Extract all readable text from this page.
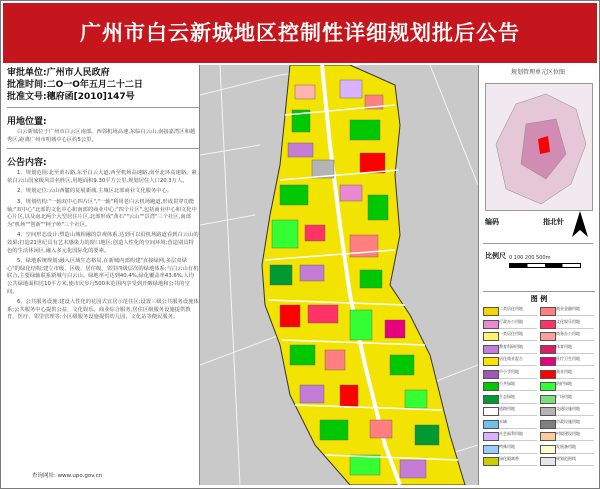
广州市白云新城地区控制性详细规划批后公告
审批单位:广州市人民政府
批准时间:二O一O年五月二十二日
批准文号:穗府函[2010]147号
用地位置:

白云新城位于广州市白云区南部。西邻机场高速,东临白云山,南接嘉湾区和越秀区,距离广州市明城中心区约5公里。

公告内容:

1、规划范围:北至黄石路,东至白云大道,西至机场高速路,南至北环高速路。紧依白云山国家级风景名胜区,用地面积9.30平方公里,规划居住人口20.3万人。

2、规划定位:云山西麓的复展新城,主城区北部商业文化服务中心。

3、规划结构:"一轴双中心四片区","一轴"利用老白云机场跑道,形成贯穿功能轴;"双中心"北部的文化中心和南部的商业中心;"四个片区",包括商业中心和文化中心片区,以及南北两个大型居住片区,北部形成"黄石""云山""景湾"三个社区,南部为"机场""创新""柯子岭"三个社区。

4、空间形态设计:塑造山城相融的景观体系,达到可以沿机场路道看到白云山的效果;打造21世纪具有艺术感染力的窗口地区;创造人性化的空间环境;营造别具特色的生活休闲区,融入多元化国际化的要素。

5、绿地系统规划:融入区域生态格局,在新城内部构建"直接绿网,多层双绿心"的绿化结构;建立市级、区级、居住级、邻里四级层次的绿地体系;与白云山有机联合,主要绿轴联系新城与白云山。绿地率可达到40.4%,绿化覆盖率43.6%,人均公共绿地面积达10平方米,使市民步行500米范围内享受到开敞绿地和公共的空间。

6、公共服务设施:建设人性化的花园式宜居示范住区;设置三级公共服务设施体系;公共服务中心提供公益、文化娱乐、商业综合服务,居住区级服务设施提供教育、医疗、邻里管理等;小区级服务设施提供幼儿园、文化站等便民服务。

查询网址: www.upo.gov.cn
规划管理单元区位图
编码	指北针
比例尺 0 100 200 500m
图 例
二类居住用地	商业金融用地
行政办公用地	文化娱乐用地
一类居住用地	商务办公用地
教育科研用地	体育用地
居住商业混合	医疗卫生用地
中小学用地	商业用地
公共绿地	防护绿地
生态绿地	广场用地
道路用地	交通设施用地
水域	市政设施用地
社会福利用地	村镇建设用地
特殊用地	发展备用地
绿化隔离带	规划范围线
